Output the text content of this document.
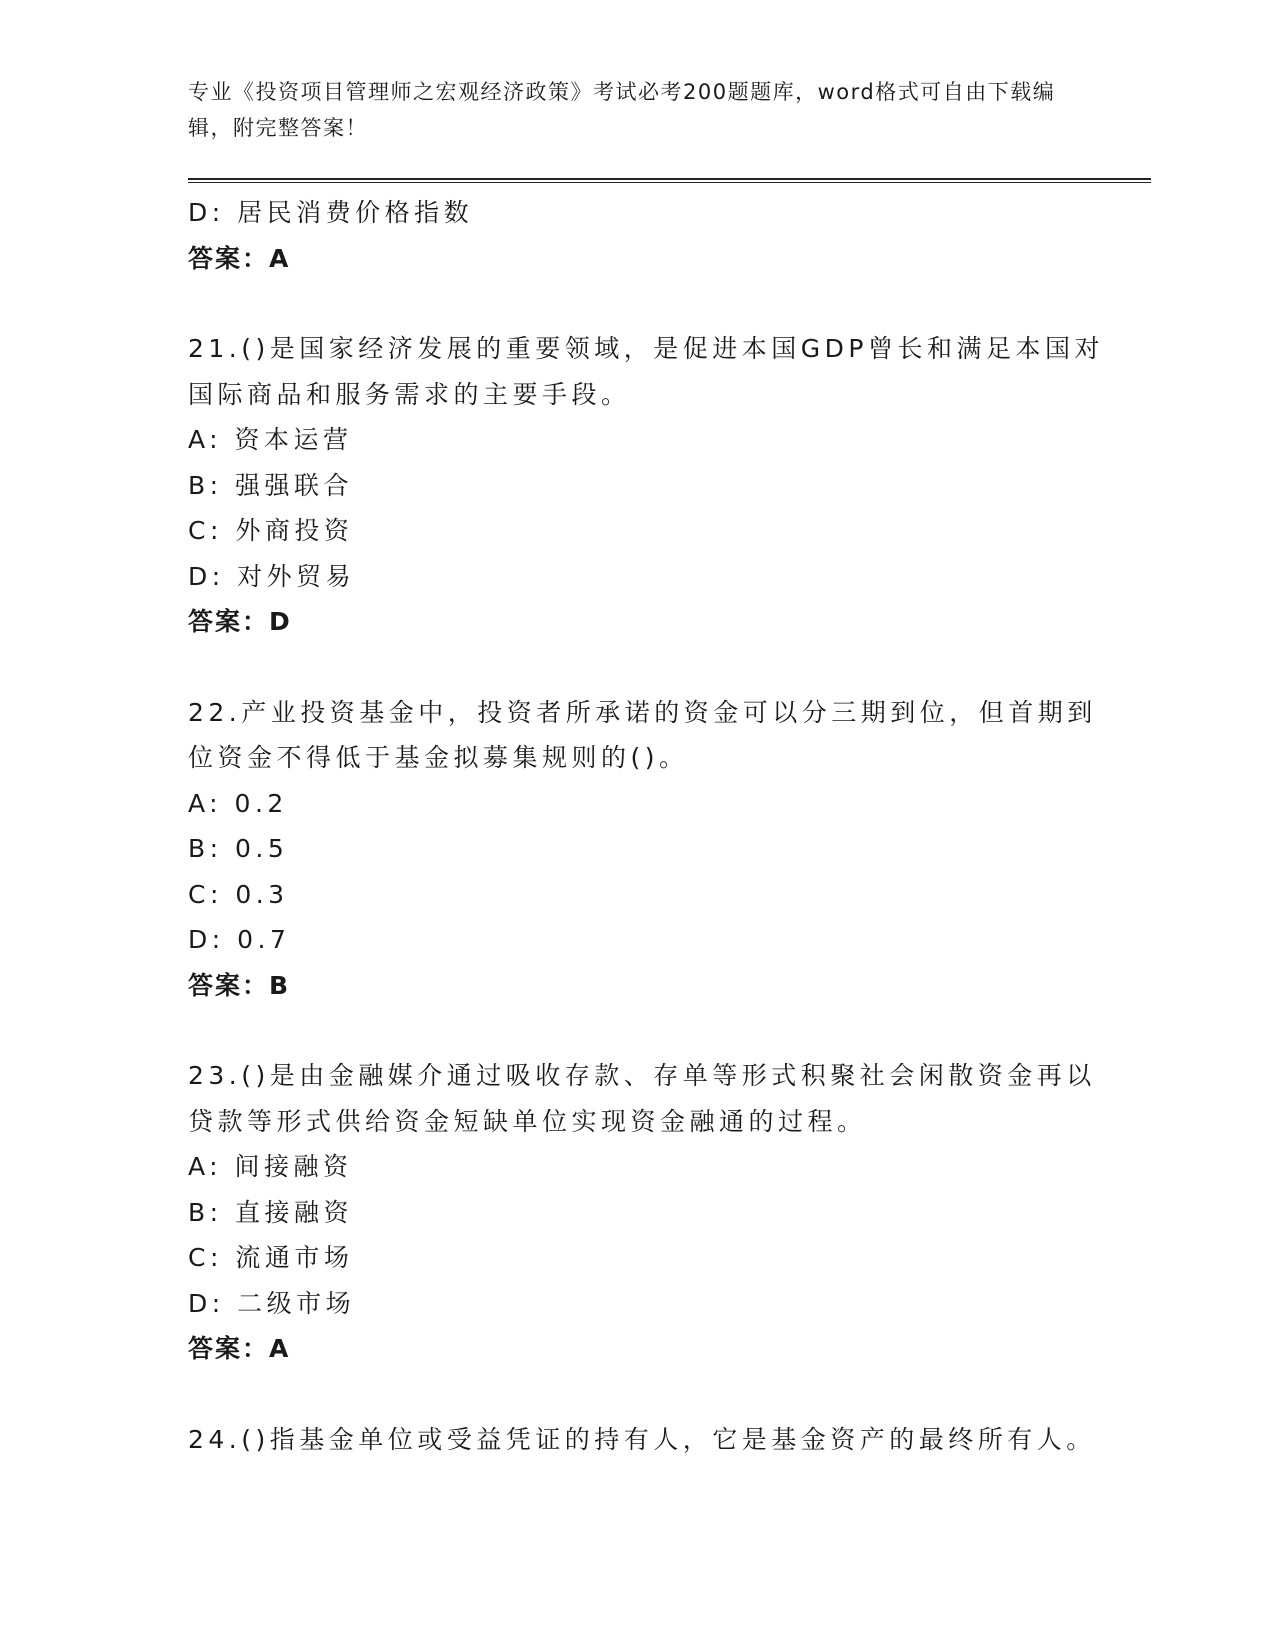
专业《投资项目管理师之宏观经济政策》考试必考200题题库，word格式可自由下载编辑，附完整答案！
D: 居民消费价格指数
答案：A
21.()是国家经济发展的重要领域，是促进本国GDP曾长和满足本国对
国际商品和服务需求的主要手段。
A: 资本运营
B: 强强联合
C: 外商投资
D: 对外贸易
答案：D
22.产业投资基金中，投资者所承诺的资金可以分三期到位，但首期到
位资金不得低于基金拟募集规则的()。
A: 0.2
B: 0.5
C: 0.3
D: 0.7
答案：B
23.()是由金融媒介通过吸收存款、存单等形式积聚社会闲散资金再以
贷款等形式供给资金短缺单位实现资金融通的过程。
A: 间接融资
B: 直接融资
C: 流通市场
D: 二级市场
答案：A
24.()指基金单位或受益凭证的持有人，它是基金资产的最终所有人。
